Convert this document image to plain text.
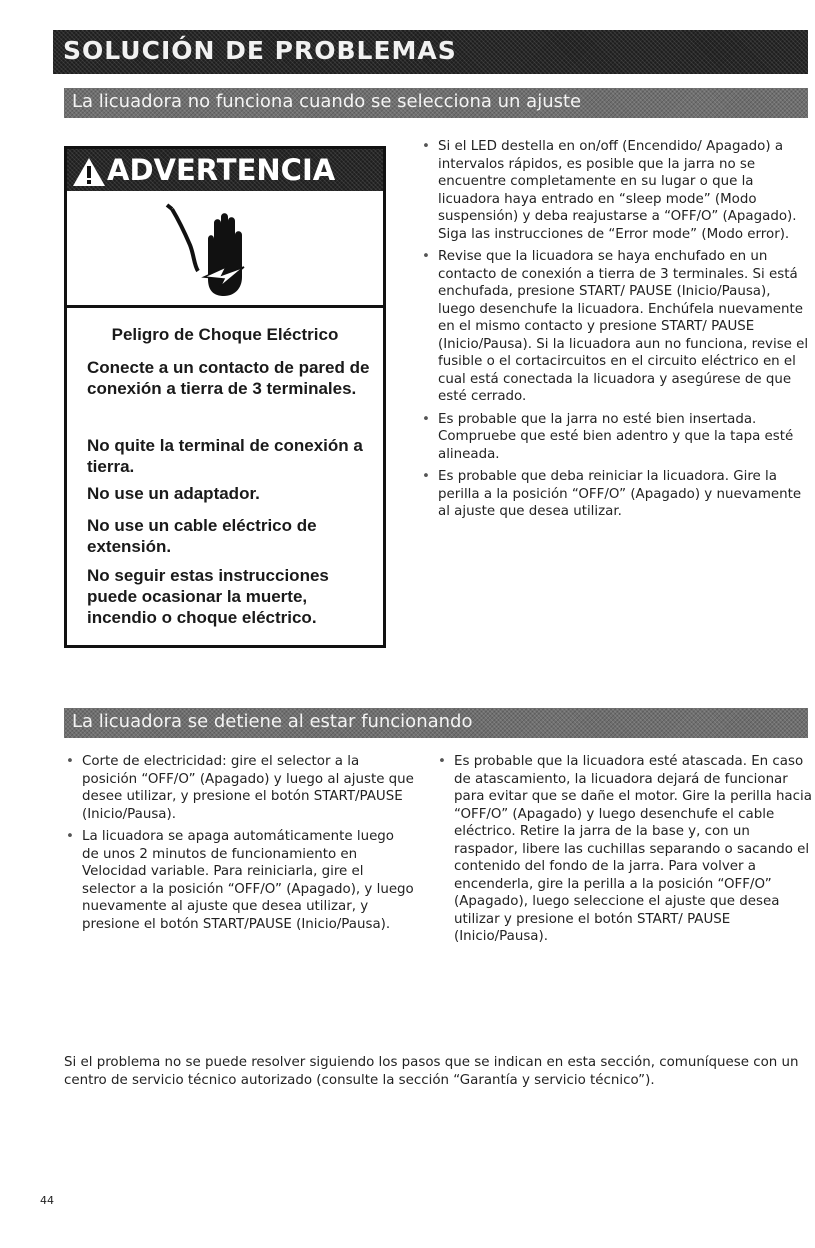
SOLUCIÓN DE PROBLEMAS
La licuadora no funciona cuando se selecciona un ajuste
ADVERTENCIA
Peligro de Choque Eléctrico
Conecte a un contacto de pared de conexión a tierra de 3 terminales.
No quite la terminal de conexión a tierra.
No use un adaptador.
No use un cable eléctrico de extensión.
No seguir estas instrucciones puede ocasionar la muerte, incendio o choque eléctrico.
• Si el LED destella en on/off (Encendido/ Apagado) a intervalos rápidos, es posible que la jarra no se encuentre completamente en su lugar o que la licuadora haya entrado en “sleep mode” (Modo suspensión) y deba reajustarse a “OFF/O” (Apagado). Siga las instrucciones de “Error mode” (Modo error).
• Revise que la licuadora se haya enchufado en un contacto de conexión a tierra de 3 terminales. Si está enchufada, presione START/ PAUSE (Inicio/Pausa), luego desenchufe la licuadora. Enchúfela nuevamente en el mismo contacto y presione START/ PAUSE (Inicio/Pausa). Si la licuadora aun no funciona, revise el fusible o el cortacircuitos en el circuito eléctrico en el cual está conectada la licuadora y asegúrese de que esté cerrado.
• Es probable que la jarra no esté bien insertada. Compruebe que esté bien adentro y que la tapa esté alineada.
• Es probable que deba reiniciar la licuadora. Gire la perilla a la posición “OFF/O” (Apagado) y nuevamente al ajuste que desea utilizar.
La licuadora se detiene al estar funcionando
• Corte de electricidad: gire el selector a la posición “OFF/O” (Apagado) y luego al ajuste que desee utilizar, y presione el botón START/PAUSE (Inicio/Pausa).
• La licuadora se apaga automáticamente luego de unos 2 minutos de funcionamiento en Velocidad variable. Para reiniciarla, gire el selector a la posición “OFF/O” (Apagado), y luego nuevamente al ajuste que desea utilizar, y presione el botón START/PAUSE (Inicio/Pausa).
• Es probable que la licuadora esté atascada. En caso de atascamiento, la licuadora dejará de funcionar para evitar que se dañe el motor. Gire la perilla hacia “OFF/O” (Apagado) y luego desenchufe el cable eléctrico. Retire la jarra de la base y, con un raspador, libere las cuchillas separando o sacando el contenido del fondo de la jarra. Para volver a encenderla, gire la perilla a la posición “OFF/O” (Apagado), luego seleccione el ajuste que desea utilizar y presione el botón START/ PAUSE (Inicio/Pausa).
Si el problema no se puede resolver siguiendo los pasos que se indican en esta sección, comuníquese con un centro de servicio técnico autorizado (consulte la sección “Garantía y servicio técnico”).
44
